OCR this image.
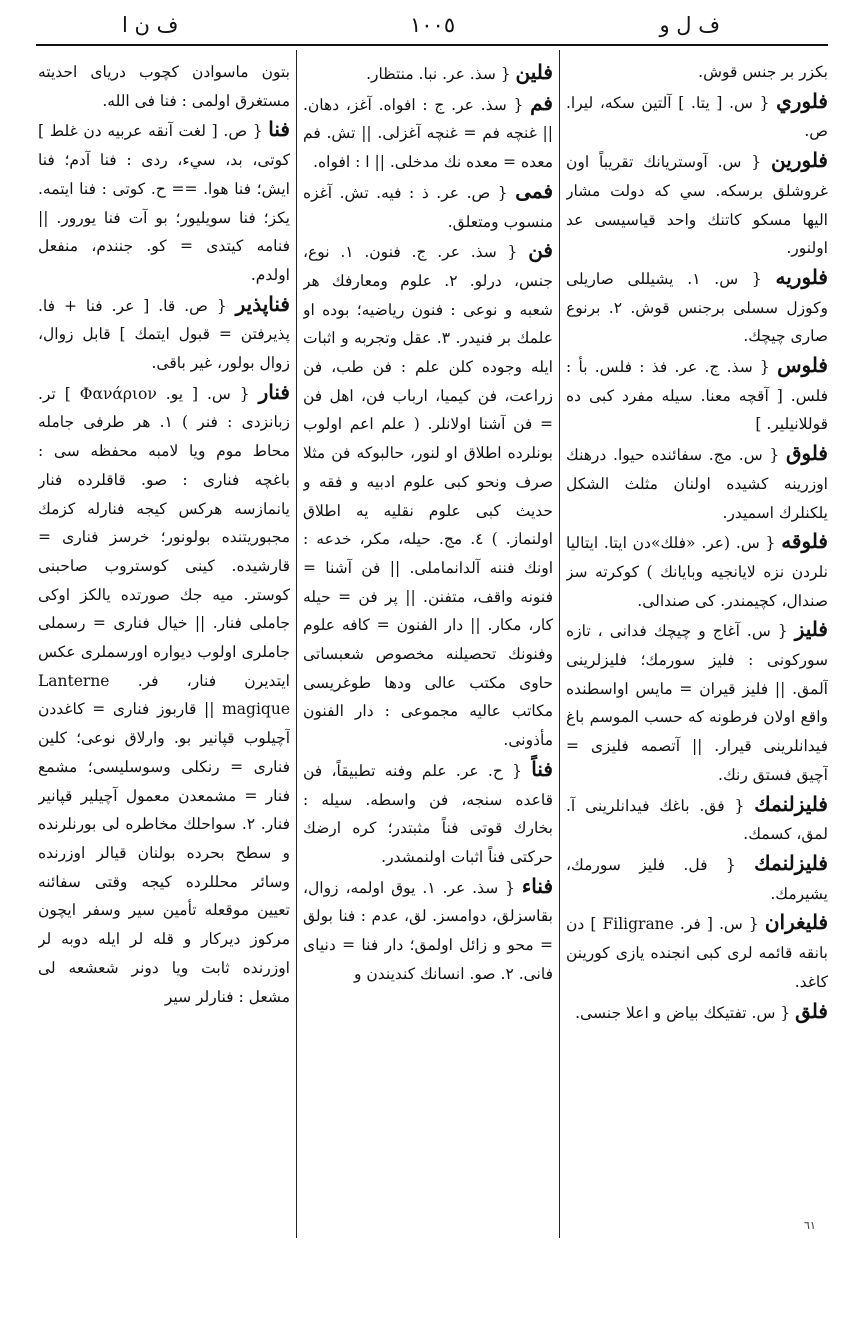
ف ن ا	١٠٠٥	ف ل و

بكزر بر جنس قوش.

فلوري { س. [ يتا. ] آلتين سكه، ليرا. ص.

فلورين { س. آوستريانك تقريباً اون غروشلق برسكه. سي كه دولت مشار اليها مسكو كاتنك واحد قياسيسى عد اولنور.

فلوريه { س. ١. يشيللى صاريلى وكوزل سسلى برجنس قوش. ٢. برنوع صارى چيچك.

فلوس { سذ. ج. عر. فذ : فلس. بأ : فلس. [ آقچه معنا. سيله مفرد كبى ده قوللانيلير. ]

فلوق { س. مج. سفائنده حيوا. درهنك اوزرينه كشيده اولنان مثلث الشكل يلكنلرك اسميدر.

فلوقه { س. (عر. «فلك»دن ايتا. ايتاليا نلردن نزه لايانجيه وبايانك ) كوكرته سز صندال، كچيمندر. كى صندالى.

فليز { س. آغاج و چيچك فدانى ، تازه سوركونى : فليز سورمك؛ فليزلرينى آلمق. || فليز قيران = مايس اواسطنده واقع اولان فرطونه كه حسب الموسم باغ فيدانلرينى قيرار. || آتصمه فليزى = آچيق فستق رنك.

فليزلنمك { فق. باغك فيدانلرينى آ. لمق، كسمك.

فليزلنمك { فل. فليز سورمك، يشيرمك.

فليغران { س. [ فر. Filigrane ] دن بانقه قائمه لرى كبى انجنده يازى كورينن كاغد.

فلق { س. تفتيكك بياض و اعلا جنسى.

فلين { سذ. عر. نبا. منتظار.

فم { سذ. عر. ج : افواه. آغز، دهان. || غنچه فم = غنچه آغزلى. || تش. فم معده = معده نك مدخلى. || ا : افواه.

فمى { ص. عر. ذ : فيه. تش. آغزه منسوب ومتعلق.

فن { سذ. عر. ج. فنون. ١. نوع، جنس، درلو. ٢. علوم ومعارفك هر شعبه و نوعى : فنون رياضيه؛ بوده او علمك بر فنيدر. ٣. عقل وتجربه و اثبات ايله وجوده كلن علم : فن طب، فن زراعت، فن كيميا، ارباب فن، اهل فن = فن آشنا اولانلر. ( علم اعم اولوب بونلرده اطلاق او لنور، حالبوكه فن مثلا صرف ونحو كبى علوم ادبيه و فقه و حديث كبى علوم نقليه يه اطلاق اولنماز. ) ٤. مج. حيله، مكر، خدعه : اونك فننه آلدانماملى. || فن آشنا = فنونه واقف، متفنن. || پر فن = حيله كار، مكار. || دار الفنون = كافه علوم وفنونك تحصيلنه مخصوص شعبساتى حاوى مكتب عالى ودها طوغريسى مكاتب عاليه مجموعى : دار الفنون مأذونى.

فناً { ح. عر. علم وفنه تطبيقاً، فن قاعده سنجه، فن واسطه. سيله : بخارك قوتى فناً مثبتدر؛ كره ارضك حركتى فناً اثبات اولنمشدر.

فناء { سذ. عر. ١. يوق اولمه، زوال، بقاسزلق، دوامسز. لق، عدم : فنا بولق = محو و زائل اولمق؛ دار فنا = دنياى فانى. ٢. صو. انسانك كنديندن و

بتون ماسوادن كچوب دريای احديته مستغرق اولمى : فنا فى الله.

فنا { ص. [ لغت آنقه عربيه دن غلط ] كوتى، بد، سيء، ردى : فنا آدم؛ فنا ايش؛ فنا هوا. == ح. كوتى : فنا ايتمه. يكز؛ فنا سويليور؛ بو آت فنا يورور. || فنامه كيتدى = كو. جنندم، منفعل اولدم.

فناپذير { ص. قا. [ عر. فنا + فا. پذيرفتن = قبول ايتمك ] قابل زوال، زوال بولور، غير باقى.

فنار { س. [ يو. Φανάριον ] تر. زبانزدى : فنر ) ١. هر طرفى جامله محاط موم ويا لامبه محفظه سى : باغچه فنارى : صو. قاقلرده فنار يانمازسه هركس كيجه فنارله كزمك مجبوريتنده بولونور؛ خرسز فنارى = قارشيده. كينى كوستروب صاحبنى كوستر. ميه جك صورتده يالكز اوكى جاملى فنار. || خيال فنارى = رسملى جاملرى اولوب ديواره اورسملرى عكس ايتديرن فنار، فر. Lanterne magique || قاربوز فنارى = كاغددن آچيلوب قپانير بو. وارلاق نوعى؛ كلين فنارى = رنكلى وسوسليسى؛ مشمع فنار = مشمعدن معمول آچيلير قپانير فنار. ٢. سواحلك مخاطره لى بورنلرنده و سطح بحرده بولنان قيالر اوزرنده وسائر محللرده كيجه وقتى سفائنه تعيين موقعله تأمين سير وسفر ايچون مركوز ديركار و قله لر ايله دوبه لر اوزرنده ثابت ويا دونر شعشعه لى مشعل : فنارلر سير

٦١
